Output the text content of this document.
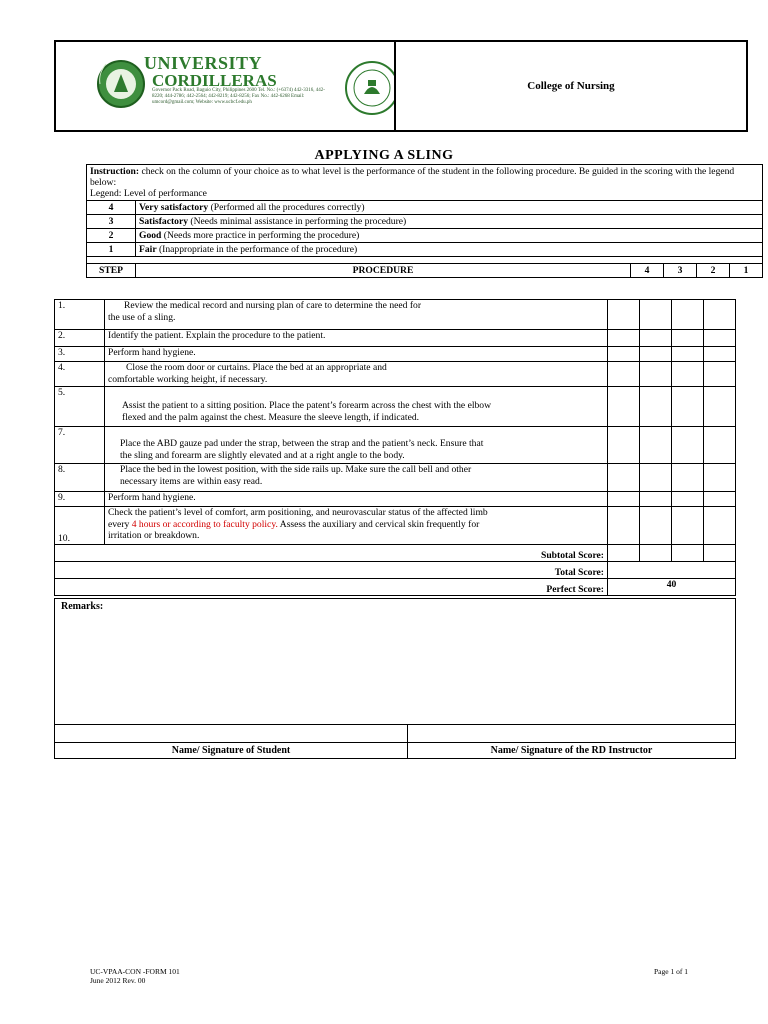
UNIVERSITY
CORDILLERAS
Governor Pack Road, Baguio City, Philippines 2600 Tel. No.: (+6374) 442-3316, 442-8220; 444-2786; 442-2564; 442-8219; 442-8256; Fax No.: 442-6268 Email: umcord@gmail.com; Website: www.ucbcf.edu.ph
	College of Nursing
APPLYING A SLING
Instruction: check on the column of your choice as to what level is the performance of the student in the following procedure. Be guided in the scoring with the legend below:
Legend: Level of performance					
4	Very satisfactory (Performed all the procedures correctly)				
3	Satisfactory (Needs minimal assistance in performing the procedure)				
2	Good (Needs more practice in performing the procedure)				
1	Fair (Inappropriate in the performance of the procedure)				

STEP	PROCEDURE	4	3	2	1
1.	Review the medical record and nursing plan of care to determine the need for
the use of a sling.				

2.	Identify the patient. Explain the procedure to the patient.				

3.	Perform hand hygiene.				

4.	Close the room door or curtains. Place the bed at an appropriate and
comfortable working height, if necessary.				

5.	Assist the patient to a sitting position. Place the patent’s forearm across the chest with the elbow
flexed and the palm against the chest. Measure the sleeve length, if indicated.				

7.	Place the ABD gauze pad under the strap, between the strap and the patient’s neck. Ensure that
the sling and forearm are slightly elevated and at a right angle to the body.				

8.	Place the bed in the lowest position, with the side rails up. Make sure the call bell and other
necessary items are within easy read.				

9.	Perform hand hygiene.				

10.	Check the patient’s level of comfort, arm positioning, and neurovascular status of the affected limb
every 4 hours or according to faculty policy. Assess the auxiliary and cervical skin frequently for
irritation or breakdown.				

Subtotal Score:					
Total Score:					
Perfect Score:		40			
Remarks:	

Name/ Signature of Student	Name/ Signature of the RD Instructor
UC-VPAA-CON -FORM 101
June 2012 Rev. 00
Page 1 of 1
